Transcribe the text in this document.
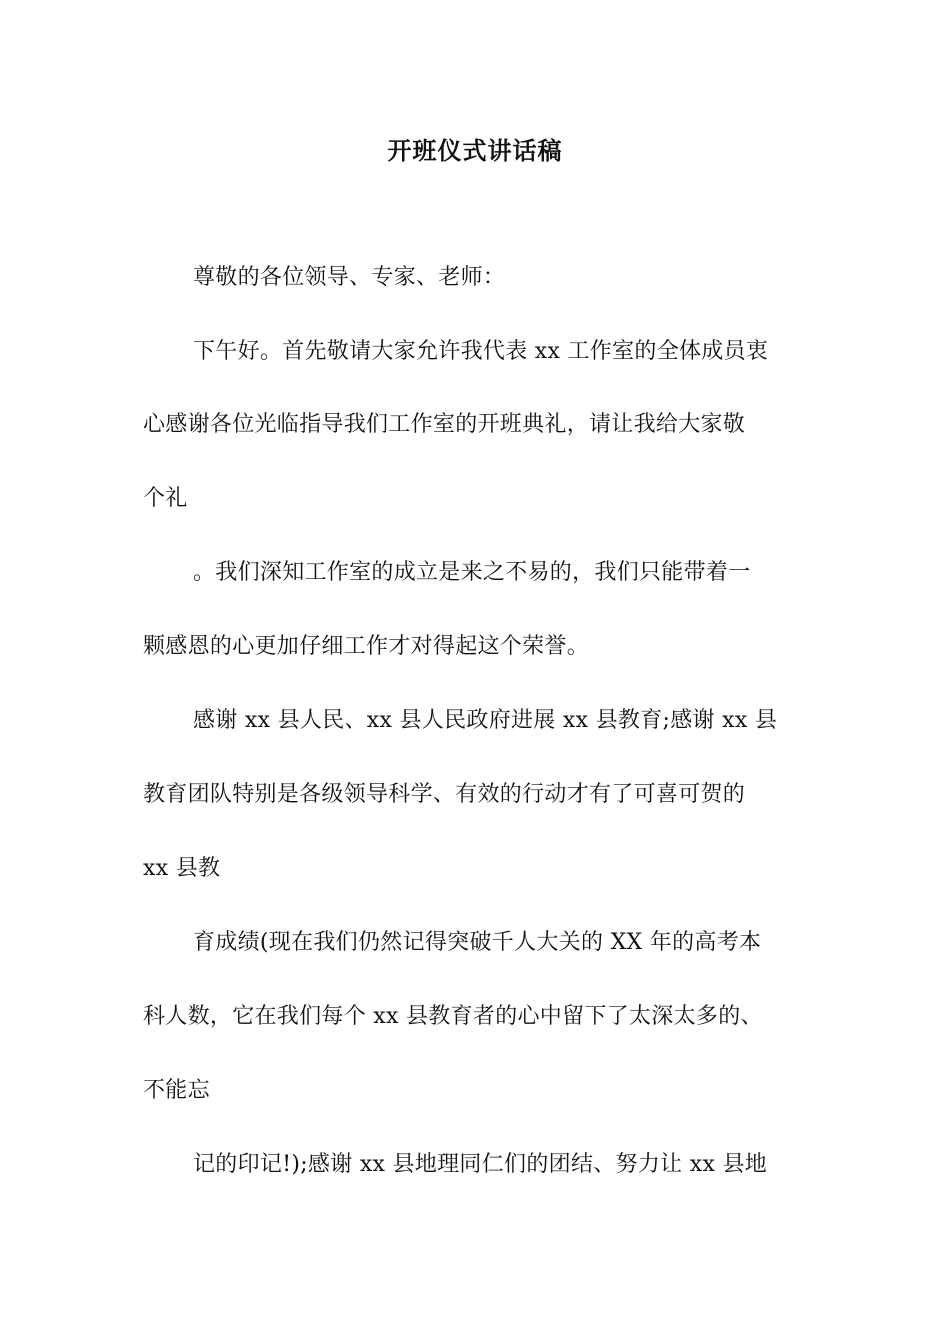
开班仪式讲话稿
尊敬的各位领导、专家、老师：
下午好。首先敬请大家允许我代表 xx 工作室的全体成员衷
心感谢各位光临指导我们工作室的开班典礼，请让我给大家敬
个礼
。我们深知工作室的成立是来之不易的，我们只能带着一
颗感恩的心更加仔细工作才对得起这个荣誉。
感谢 xx 县人民、xx 县人民政府进展 xx 县教育;感谢 xx 县
教育团队特别是各级领导科学、有效的行动才有了可喜可贺的
xx 县教
育成绩(现在我们仍然记得突破千人大关的 XX 年的高考本
科人数，它在我们每个 xx 县教育者的心中留下了太深太多的、
不能忘
记的印记!);感谢 xx 县地理同仁们的团结、努力让 xx 县地
